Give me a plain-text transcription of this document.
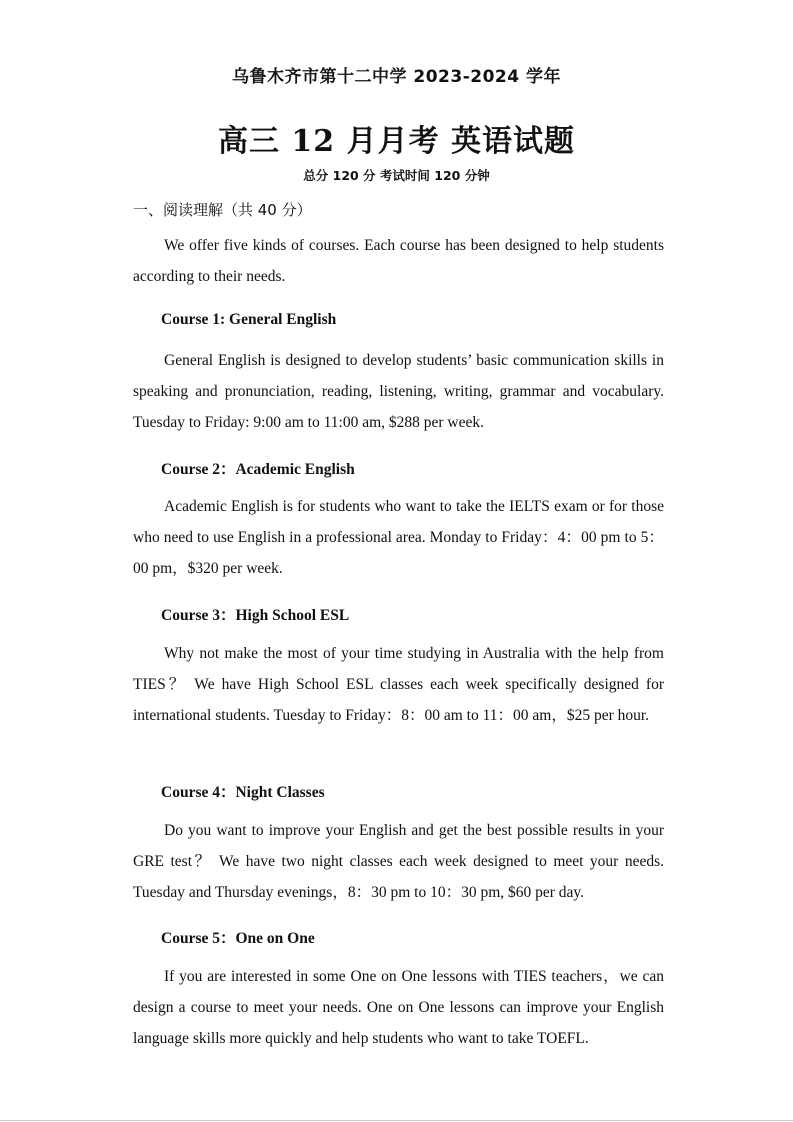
乌鲁木齐市第十二中学 2023-2024 学年
高三 12 月月考 英语试题
总分 120 分 考试时间 120 分钟
一、阅读理解（共 40 分）

We offer five kinds of courses. Each course has been designed to help students according to their needs.

Course 1: General English

General English is designed to develop students’ basic communication skills in speaking and pronunciation, reading, listening, writing, grammar and vocabulary. Tuesday to Friday: 9:00 am to 11:00 am, $288 per week.

Course 2：Academic English

Academic English is for students who want to take the IELTS exam or for those who need to use English in a professional area. Monday to Friday：4：00 pm to 5：00 pm，$320 per week.

Course 3：High School ESL

Why not make the most of your time studying in Australia with the help from TIES？ We have High School ESL classes each week specifically designed for international students. Tuesday to Friday：8：00 am to 11：00 am，$25 per hour.

Course 4：Night Classes

Do you want to improve your English and get the best possible results in your GRE test？ We have two night classes each week designed to meet your needs. Tuesday and Thursday evenings，8：30 pm to 10：30 pm, $60 per day.

Course 5：One on One

If you are interested in some One on One lessons with TIES teachers，we can design a course to meet your needs. One on One lessons can improve your English language skills more quickly and help students who want to take TOEFL.
